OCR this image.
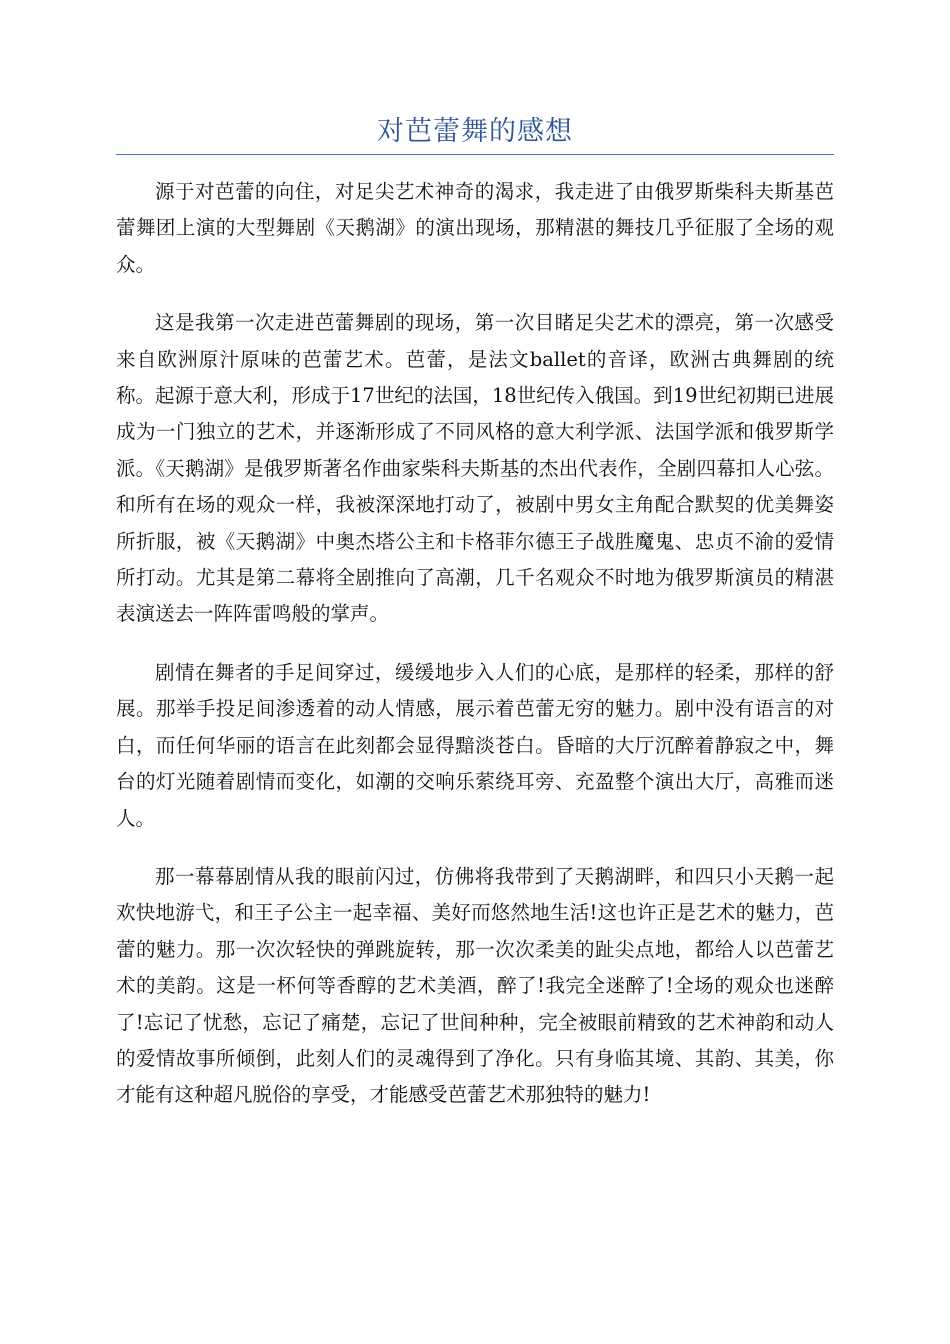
对芭蕾舞的感想

源于对芭蕾的向住，对足尖艺术神奇的渴求，我走进了由俄罗斯柴科夫斯基芭蕾舞团上演的大型舞剧《天鹅湖》的演出现场，那精湛的舞技几乎征服了全场的观众。

这是我第一次走进芭蕾舞剧的现场，第一次目睹足尖艺术的漂亮，第一次感受来自欧洲原汁原味的芭蕾艺术。芭蕾，是法文ballet的音译，欧洲古典舞剧的统称。起源于意大利，形成于17世纪的法国，18世纪传入俄国。到19世纪初期已进展成为一门独立的艺术，并逐渐形成了不同风格的意大利学派、法国学派和俄罗斯学派。《天鹅湖》是俄罗斯著名作曲家柴科夫斯基的杰出代表作，全剧四幕扣人心弦。和所有在场的观众一样，我被深深地打动了，被剧中男女主角配合默契的优美舞姿所折服，被《天鹅湖》中奥杰塔公主和卡格菲尔德王子战胜魔鬼、忠贞不渝的爱情所打动。尤其是第二幕将全剧推向了高潮，几千名观众不时地为俄罗斯演员的精湛表演送去一阵阵雷鸣般的掌声。

剧情在舞者的手足间穿过，缓缓地步入人们的心底，是那样的轻柔，那样的舒展。那举手投足间渗透着的动人情感，展示着芭蕾无穷的魅力。剧中没有语言的对白，而任何华丽的语言在此刻都会显得黯淡苍白。昏暗的大厅沉醉着静寂之中，舞台的灯光随着剧情而变化，如潮的交响乐萦绕耳旁、充盈整个演出大厅，高雅而迷人。

那一幕幕剧情从我的眼前闪过，仿佛将我带到了天鹅湖畔，和四只小天鹅一起欢快地游弋，和王子公主一起幸福、美好而悠然地生活!这也许正是艺术的魅力，芭蕾的魅力。那一次次轻快的弹跳旋转，那一次次柔美的趾尖点地，都给人以芭蕾艺术的美韵。这是一杯何等香醇的艺术美酒，醉了!我完全迷醉了!全场的观众也迷醉了!忘记了忧愁，忘记了痛楚，忘记了世间种种，完全被眼前精致的艺术神韵和动人的爱情故事所倾倒，此刻人们的灵魂得到了净化。只有身临其境、其韵、其美，你才能有这种超凡脱俗的享受，才能感受芭蕾艺术那独特的魅力!
